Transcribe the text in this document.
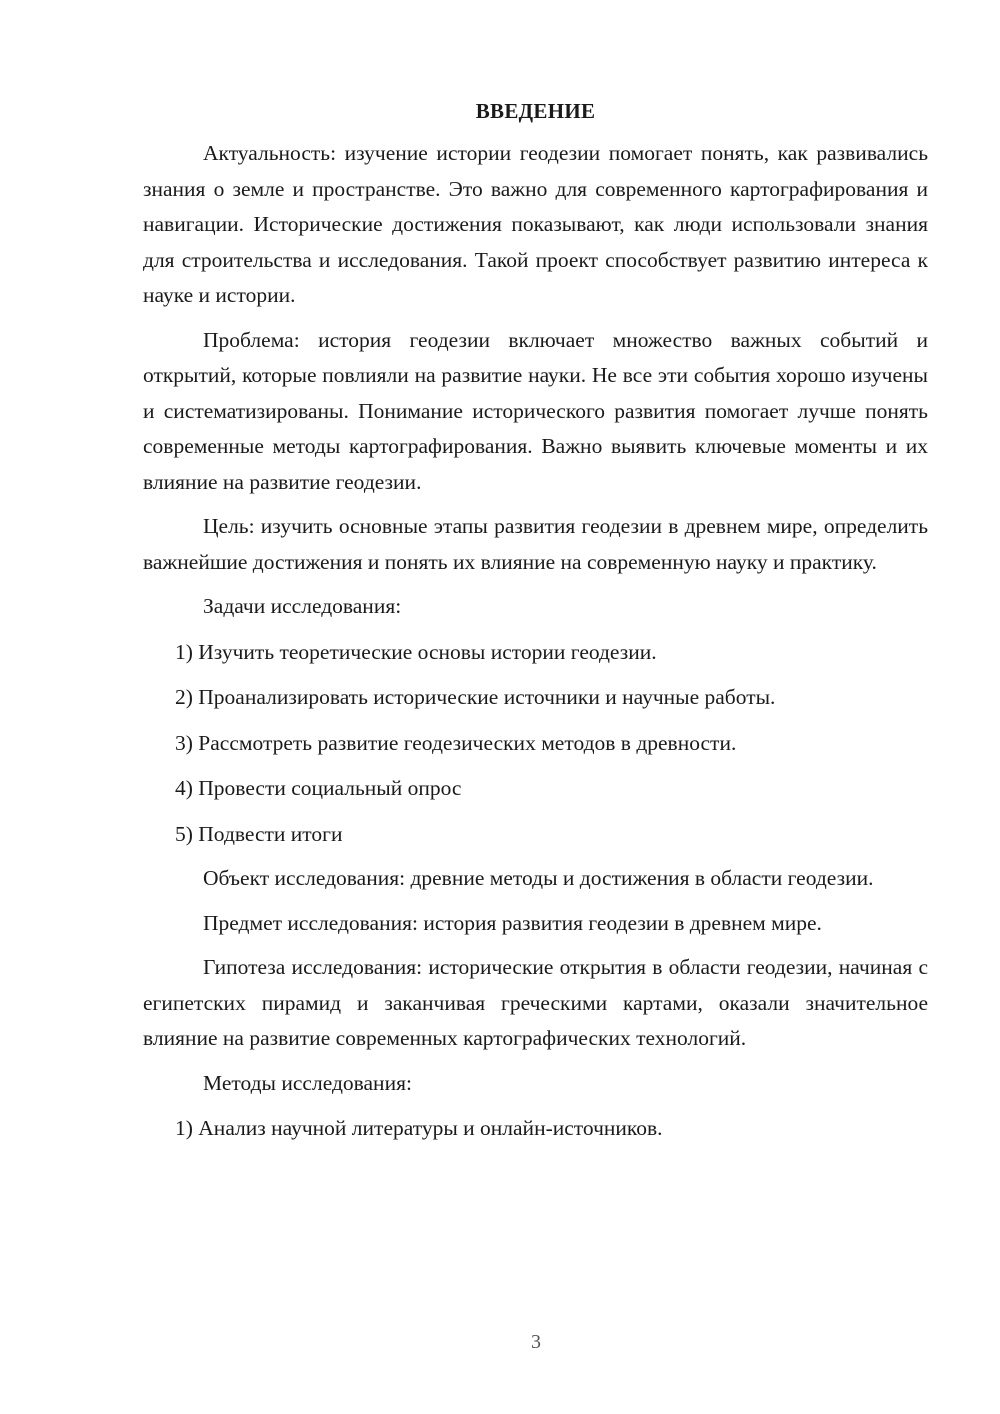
ВВЕДЕНИЕ

Актуальность: изучение истории геодезии помогает понять, как развивались знания о земле и пространстве. Это важно для современного картографирования и навигации. Исторические достижения показывают, как люди использовали знания для строительства и исследования. Такой проект способствует развитию интереса к науке и истории.

Проблема: история геодезии включает множество важных событий и открытий, которые повлияли на развитие науки. Не все эти события хорошо изучены и систематизированы. Понимание исторического развития помогает лучше понять современные методы картографирования. Важно выявить ключевые моменты и их влияние на развитие геодезии.

Цель: изучить основные этапы развития геодезии в древнем мире, определить важнейшие достижения и понять их влияние на современную науку и практику.

Задачи исследования:

1) Изучить теоретические основы истории геодезии.

2) Проанализировать исторические источники и научные работы.

3) Рассмотреть развитие геодезических методов в древности.

4) Провести социальный опрос

5) Подвести итоги

Объект исследования: древние методы и достижения в области геодезии.

Предмет исследования: история развития геодезии в древнем мире.

Гипотеза исследования: исторические открытия в области геодезии, начиная с египетских пирамид и заканчивая греческими картами, оказали значительное влияние на развитие современных картографических технологий.

Методы исследования:

1) Анализ научной литературы и онлайн-источников.

3
